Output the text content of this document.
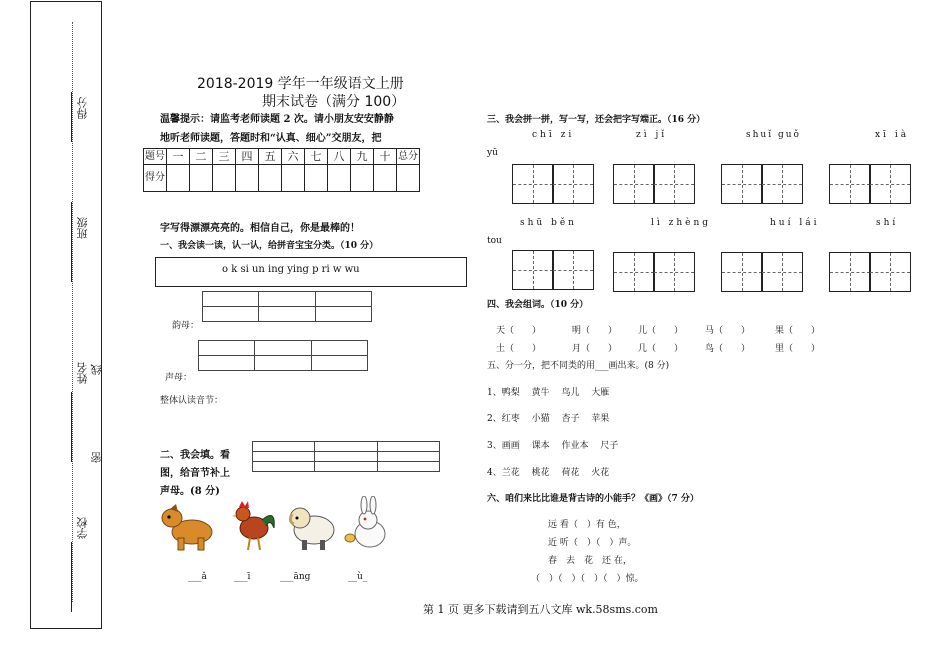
得分
班级
姓名 线
密
学校
2018-2019 学年一年级语文上册
期末试卷（满分 100）
温馨提示：请监考老师读题 2 次。请小朋友安安静静
地听老师读题，答题时和“认真、细心”交朋友，把
题号	一	二	三	四	五	六	七	八	九	十	总分
得分											
字写得漂漂亮亮的。相信自己，你是最棒的！
一、我会读一读，认一认，给拼音宝宝分类。（10 分）
o k si un ing ying p ri w wu

韵母：

声母：
整体认读音节：
二、我会填。看
图，给音节补上
声母。(8 分)

___ǎ	___ī	___āng	__ù_
三、我会拼一拼，写一写，还会把字写端正。（16 分）
chī zi	zì jǐ	shuǐ guǒ	xī ià
yū
shū běn	lì zhèng	huí lái	shí
tou
四、我会组词。（10 分）
天（　　）	明（　　） 儿（　　） 马（　　）	果（　　）
土（　　）	月（　　） 几（　　） 鸟（　　）	里（　　）
五、分一分，把不同类的用___画出来。(8 分)
1、鸭梨　 黄牛　 鸟儿　 大雁
2、红枣　 小猫　 杏子　 苹果
3、画画　 课本　 作业本　 尺子
4、兰花　 桃花　 荷花　 火花
六、咱们来比比谁是背古诗的小能手？《画》（7 分）
远 看（　）有 色，
近 听（　）（　）声。
春　去　花　还 在，
（　）（　）（　）（　）惊。
第 1 页 更多下载请到五八文库 wk.58sms.com
